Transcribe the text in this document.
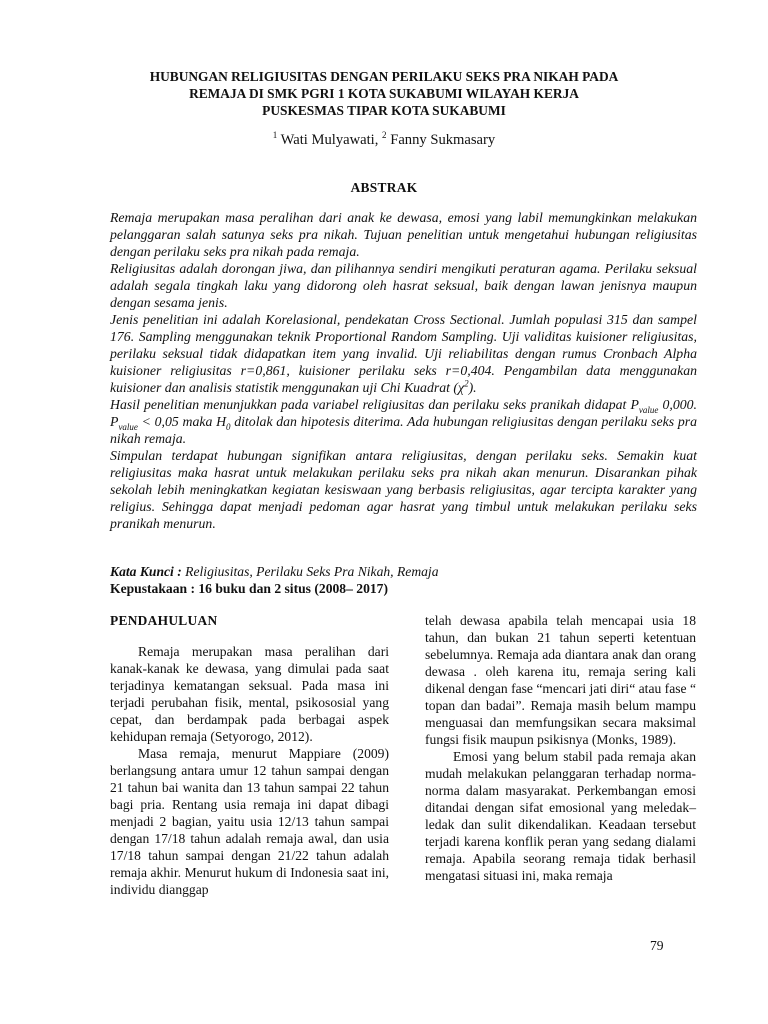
HUBUNGAN RELIGIUSITAS DENGAN PERILAKU SEKS PRA NIKAH PADA
REMAJA DI SMK PGRI 1 KOTA SUKABUMI WILAYAH KERJA
PUSKESMAS TIPAR KOTA SUKABUMI
$^1$ Wati Mulyawati, $^2$ Fanny Sukmasary
ABSTRAK

Remaja merupakan masa peralihan dari anak ke dewasa, emosi yang labil memungkinkan melakukan pelanggaran salah satunya seks pra nikah. Tujuan penelitian untuk mengetahui hubungan religiusitas dengan perilaku seks pra nikah pada remaja.

Religiusitas adalah dorongan jiwa, dan pilihannya sendiri mengikuti peraturan agama. Perilaku seksual adalah segala tingkah laku yang didorong oleh hasrat seksual, baik dengan lawan jenisnya maupun dengan sesama jenis.

Jenis penelitian ini adalah Korelasional, pendekatan Cross Sectional. Jumlah populasi 315 dan sampel 176. Sampling menggunakan teknik Proportional Random Sampling. Uji validitas kuisioner religiusitas, perilaku seksual tidak didapatkan item yang invalid. Uji reliabilitas dengan rumus Cronbach Alpha kuisioner religiusitas r=0,861, kuisioner perilaku seks r=0,404. Pengambilan data menggunakan kuisioner dan analisis statistik menggunakan uji Chi Kuadrat $(\chi^2)$.

Hasil penelitian menunjukkan pada variabel religiusitas dan perilaku seks pranikah didapat $P_{value}$ 0,000. $P_{value} < 0,05$ maka $H_0$ ditolak dan hipotesis diterima. Ada hubungan religiusitas dengan perilaku seks pra nikah remaja.

Simpulan terdapat hubungan signifikan antara religiusitas, dengan perilaku seks. Semakin kuat religiusitas maka hasrat untuk melakukan perilaku seks pra nikah akan menurun. Disarankan pihak sekolah lebih meningkatkan kegiatan kesiswaan yang berbasis religiusitas, agar tercipta karakter yang religius. Sehingga dapat menjadi pedoman agar hasrat yang timbul untuk melakukan perilaku seks pranikah menurun.

Kata Kunci : Religiusitas, Perilaku Seks Pra Nikah, Remaja
Kepustakaan : 16 buku dan 2 situs (2008– 2017)
PENDAHULUAN

Remaja merupakan masa peralihan dari kanak-kanak ke dewasa, yang dimulai pada saat terjadinya kematangan seksual. Pada masa ini terjadi perubahan fisik, mental, psikososial yang cepat, dan berdampak pada berbagai aspek kehidupan remaja (Setyorogo, 2012).

Masa remaja, menurut Mappiare (2009) berlangsung antara umur 12 tahun sampai dengan 21 tahun bai wanita dan 13 tahun sampai 22 tahun bagi pria. Rentang usia remaja ini dapat dibagi menjadi 2 bagian, yaitu usia 12/13 tahun sampai dengan 17/18 tahun adalah remaja awal, dan usia 17/18 tahun sampai dengan 21/22 tahun adalah remaja akhir. Menurut hukum di Indonesia saat ini, individu dianggap

telah dewasa apabila telah mencapai usia 18 tahun, dan bukan 21 tahun seperti ketentuan sebelumnya. Remaja ada diantara anak dan orang dewasa . oleh karena itu, remaja sering kali dikenal dengan fase “mencari jati diri“ atau fase “ topan dan badai”. Remaja masih belum mampu menguasai dan memfungsikan secara maksimal fungsi fisik maupun psikisnya (Monks, 1989).

Emosi yang belum stabil pada remaja akan mudah melakukan pelanggaran terhadap norma-norma dalam masyarakat. Perkembangan emosi ditandai dengan sifat emosional yang meledak–ledak dan sulit dikendalikan. Keadaan tersebut terjadi karena konflik peran yang sedang dialami remaja. Apabila seorang remaja tidak berhasil mengatasi situasi ini, maka remaja

79
